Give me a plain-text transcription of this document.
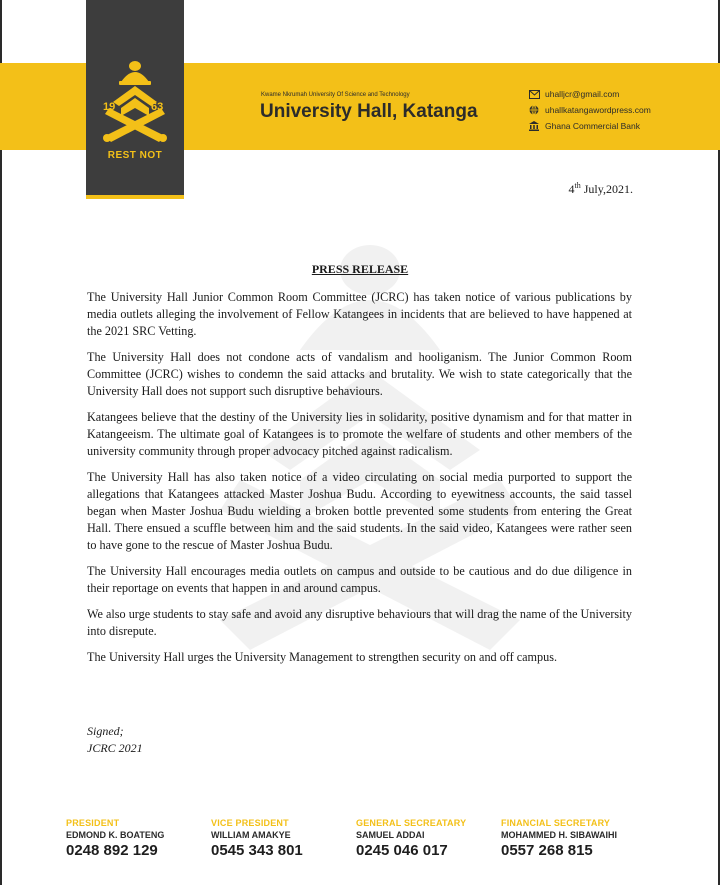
19	63
REST NOT
Kwame Nkrumah University Of Science and Technology
University Hall, Katanga
uhalljcr@gmail.com
uhallkatangawordpress.com
Ghana Commercial Bank
4th July,2021.
PRESS RELEASE

The University Hall Junior Common Room Committee (JCRC) has taken notice of various publications by media outlets alleging the involvement of Fellow Katangees in incidents that are believed to have happened at the 2021 SRC Vetting.

The University Hall does not condone acts of vandalism and hooliganism. The Junior Common Room Committee (JCRC) wishes to condemn the said attacks and brutality. We wish to state categorically that the University Hall does not support such disruptive behaviours.

Katangees believe that the destiny of the University lies in solidarity, positive dynamism and for that matter in Katangeeism. The ultimate goal of Katangees is to promote the welfare of students and other members of the university community through proper advocacy pitched against radicalism.

The University Hall has also taken notice of a video circulating on social media purported to support the allegations that Katangees attacked Master Joshua Budu. According to eyewitness accounts, the said tassel began when Master Joshua Budu wielding a broken bottle prevented some students from entering the Great Hall. There ensued a scuffle between him and the said students. In the said video, Katangees were rather seen to have gone to the rescue of Master Joshua Budu.

The University Hall encourages media outlets on campus and outside to be cautious and do due diligence in their reportage on events that happen in and around campus.

We also urge students to stay safe and avoid any disruptive behaviours that will drag the name of the University into disrepute.

The University Hall urges the University Management to strengthen security on and off campus.

Signed;
JCRC 2021
PRESIDENT
EDMOND K. BOATENG
0248 892 129
VICE PRESIDENT
WILLIAM AMAKYE
0545 343 801
GENERAL SECREATARY
SAMUEL ADDAI
0245 046 017
FINANCIAL SECRETARY
MOHAMMED H. SIBAWAIHI
0557 268 815
